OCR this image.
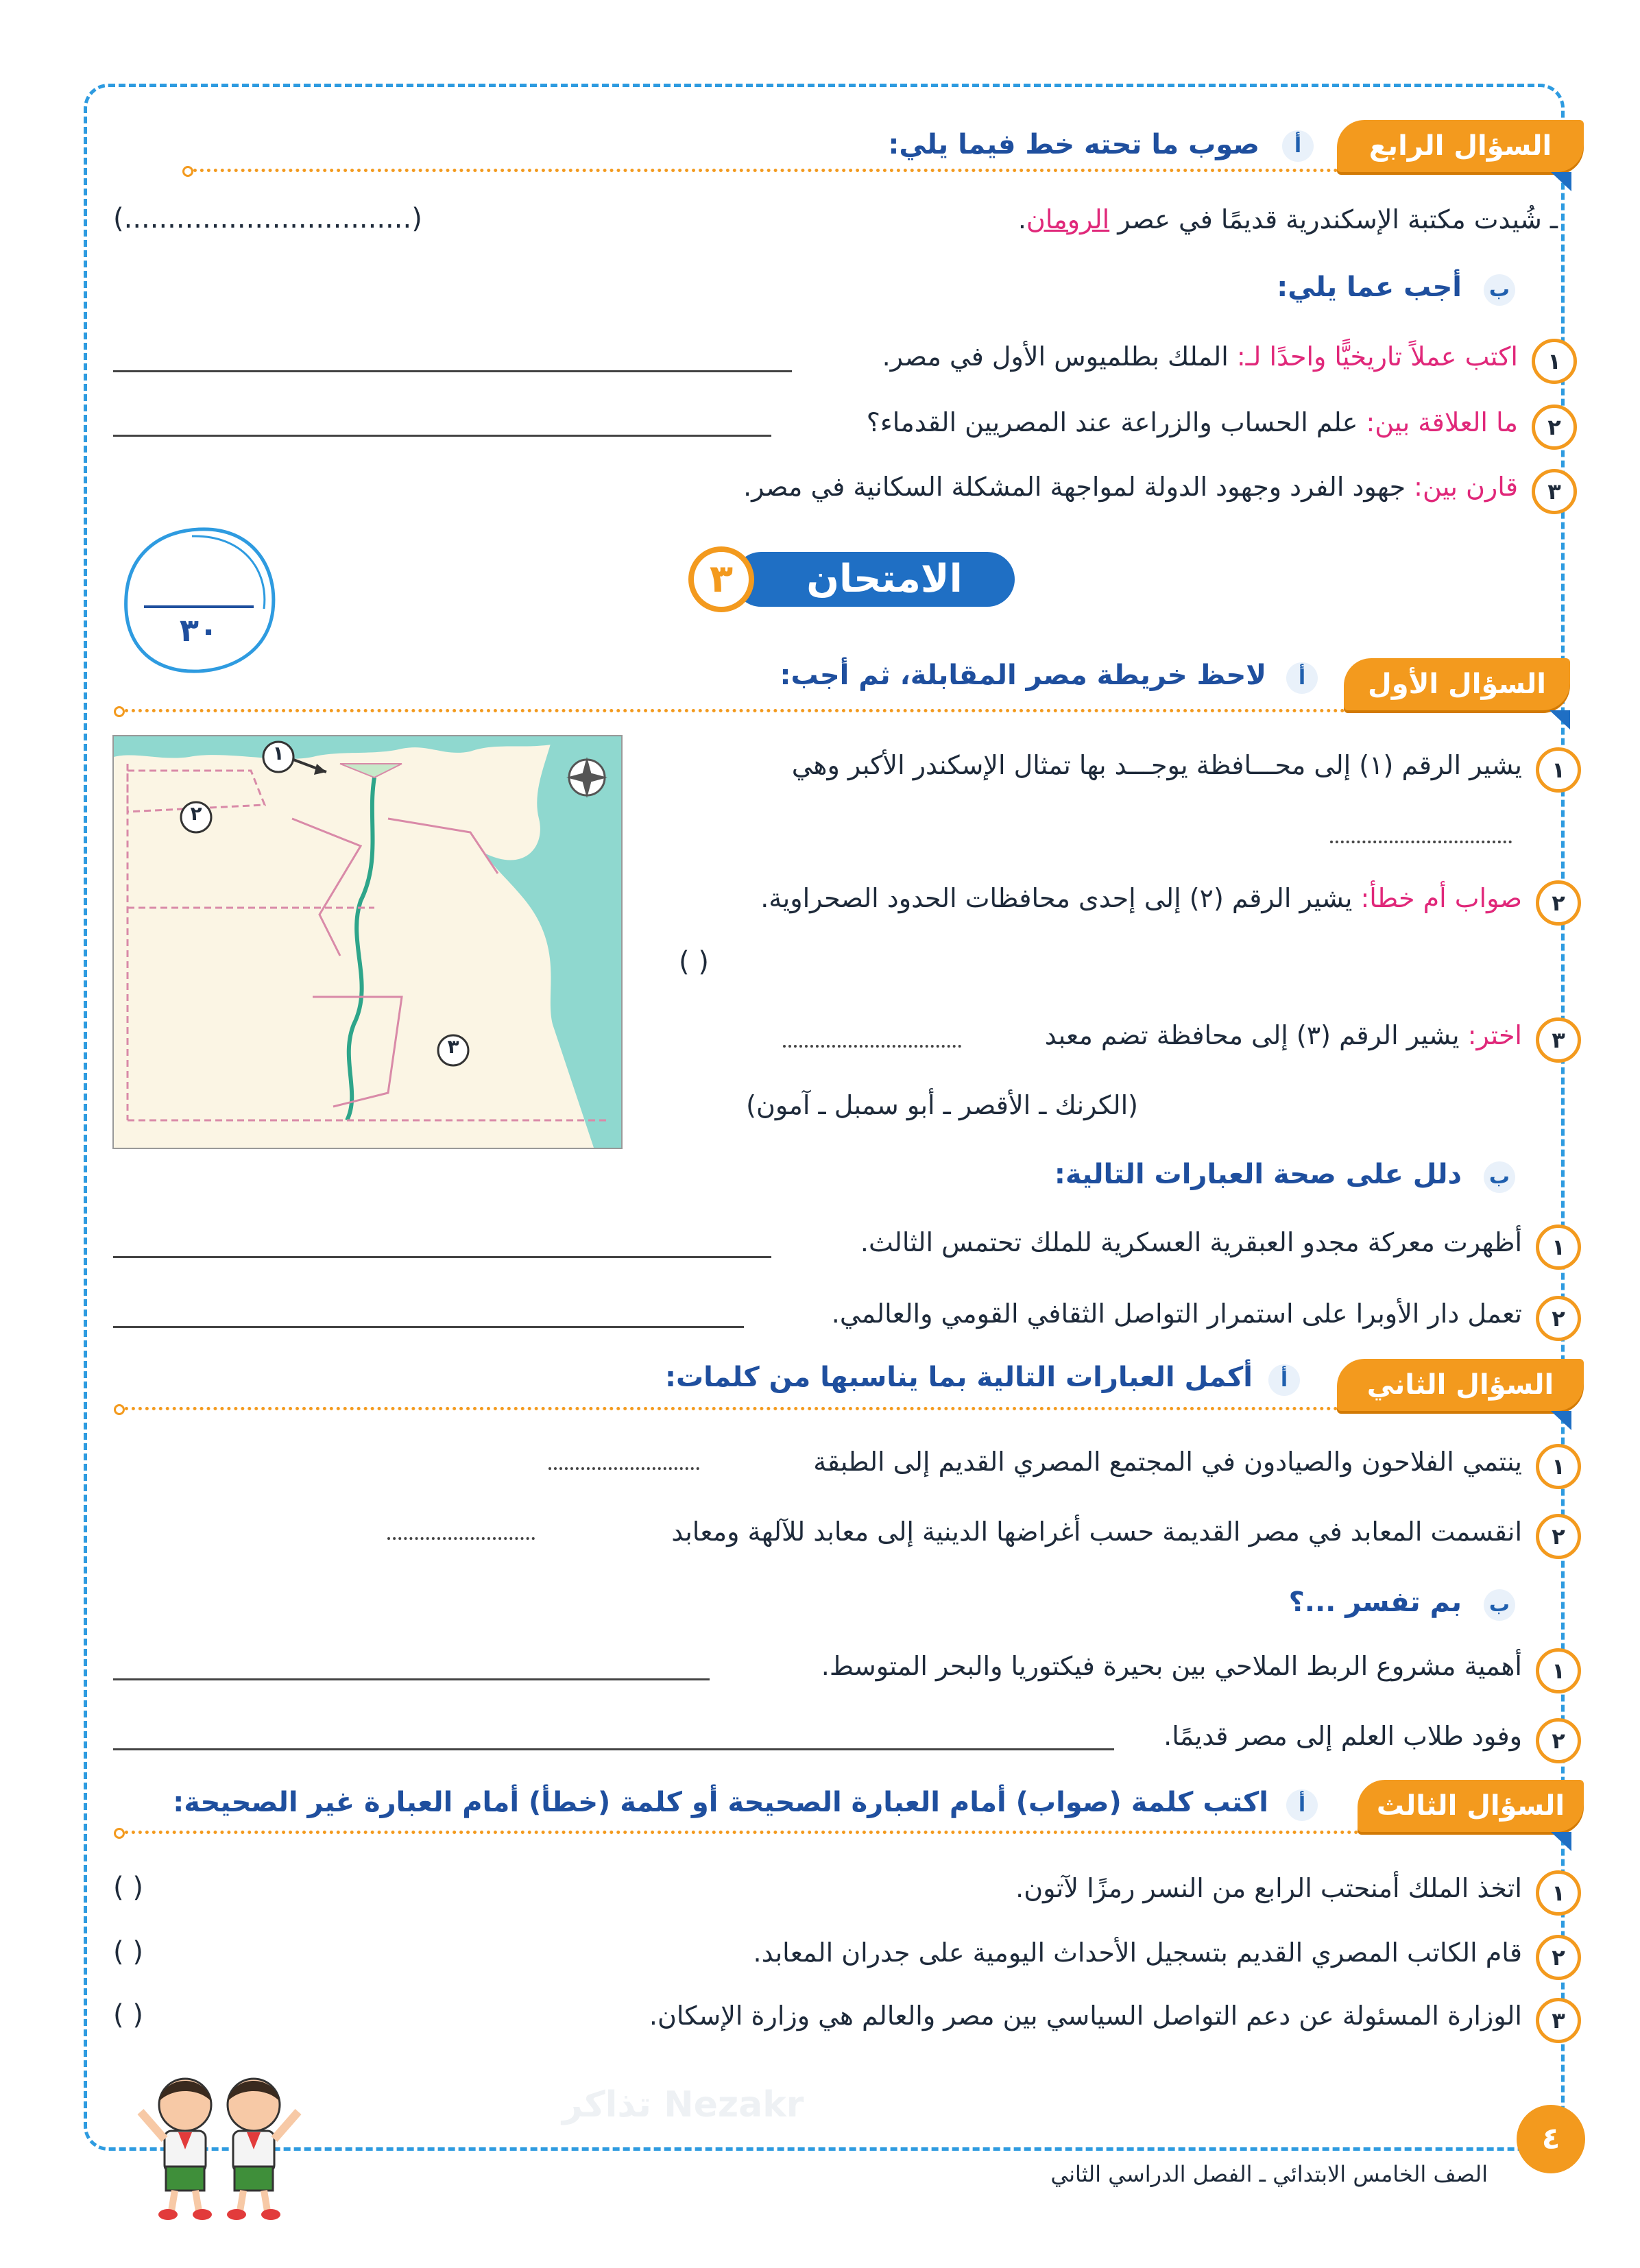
Nezakr تذاكر
السؤال الرابع
أ
صوب ما تحته خط فيما يلي:
ـ شُيدت مكتبة الإسكندرية قديمًا في عصر الرومان.
(.................................)
ب
أجب عما يلي:
١
اكتب عملاً تاريخيًّا واحدًا لـ: الملك بطلميوس الأول في مصر.
٢
ما العلاقة بين: علم الحساب والزراعة عند المصريين القدماء؟
٣
قارن بين: جهود الفرد وجهود الدولة لمواجهة المشكلة السكانية في مصر.
الامتحان
٣
٣٠
السؤال الأول
أ
لاحظ خريطة مصر المقابلة، ثم أجب:
١
٢
٣
١
يشير الرقم (١) إلى محـــافظة يوجـــد بها تمثال الإسكندر الأكبر وهي
٢
صواب أم خطأ: يشير الرقم (٢) إلى إحدى محافظات الحدود الصحراوية.
( )
٣
اختر: يشير الرقم (٣) إلى محافظة تضم معبد
(الكرنك ـ الأقصر ـ أبو سمبل ـ آمون)
ب
دلل على صحة العبارات التالية:
١
أظهرت معركة مجدو العبقرية العسكرية للملك تحتمس الثالث.
٢
تعمل دار الأوبرا على استمرار التواصل الثقافي القومي والعالمي.
السؤال الثاني
أ
أكمل العبارات التالية بما يناسبها من كلمات:
١
ينتمي الفلاحون والصيادون في المجتمع المصري القديم إلى الطبقة
٢
انقسمت المعابد في مصر القديمة حسب أغراضها الدينية إلى معابد للآلهة ومعابد
ب
بم تفسر ...؟
١
أهمية مشروع الربط الملاحي بين بحيرة فيكتوريا والبحر المتوسط.
٢
وفود طلاب العلم إلى مصر قديمًا.
السؤال الثالث
أ
اكتب كلمة (صواب) أمام العبارة الصحيحة أو كلمة (خطأ) أمام العبارة غير الصحيحة:
١
اتخذ الملك أمنحتب الرابع من النسر رمزًا لآتون.
( )
٢
قام الكاتب المصري القديم بتسجيل الأحداث اليومية على جدران المعابد.
( )
٣
الوزارة المسئولة عن دعم التواصل السياسي بين مصر والعالم هي وزارة الإسكان.
( )
٤
الصف الخامس الابتدائي ـ الفصل الدراسي الثاني
